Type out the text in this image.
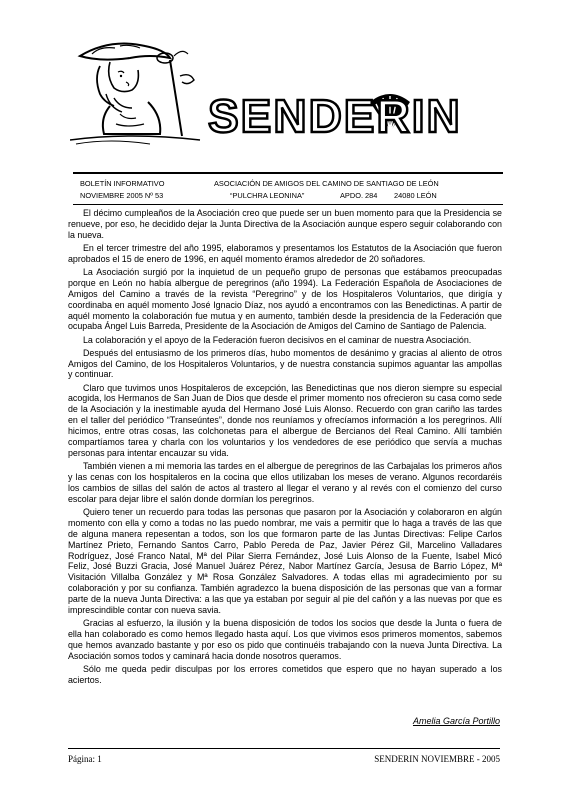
SENDERIN
BOLETÍN INFORMATIVO	ASOCIACIÓN DE AMIGOS DEL CAMINO DE SANTIAGO DE LEÓN
NOVIEMBRE 2005 Nº 53	“PULCHRA LEONINA”	APDO. 284 24080 LEÓN

El décimo cumpleaños de la Asociación creo que puede ser un buen momento para que la Presidencia se renueve, por eso, he decidido dejar la Junta Directiva de la Asociación aunque espero seguir colaborando con la nueva.

En el tercer trimestre del año 1995, elaboramos y presentamos los Estatutos de la Asociación que fueron aprobados el 15 de enero de 1996, en aquél momento éramos alrededor de 20 soñadores.

La Asociación surgió por la inquietud de un pequeño grupo de personas que estábamos preocupadas porque en León no había albergue de peregrinos (año 1994). La Federación Española de Asociaciones de Amigos del Camino a través de la revista “Peregrino” y de los Hospitaleros Voluntarios, que dirigía y coordinaba en aquél momento José Ignacio Díaz, nos ayudó a encontramos con las Benedictinas. A partir de aquél momento la colaboración fue mutua y en aumento, también desde la presidencia de la Federación que ocupaba Ángel Luis Barreda, Presidente de la Asociación de Amigos del Camino de Santiago de Palencia.

La colaboración y el apoyo de la Federación fueron decisivos en el caminar de nuestra Asociación.

Después del entusiasmo de los primeros días, hubo momentos de desánimo y gracias al aliento de otros Amigos del Camino, de los Hospitaleros Voluntarios, y de nuestra constancia supimos aguantar las ampollas y continuar.

Claro que tuvimos unos Hospitaleros de excepción, las Benedictinas que nos dieron siempre su especial acogida, los Hermanos de San Juan de Dios que desde el primer momento nos ofrecieron su casa como sede de la Asociación y la inestimable ayuda del Hermano José Luis Alonso. Recuerdo con gran cariño las tardes en el taller del periódico “Transeúntes”, donde nos reuníamos y ofrecíamos información a los peregrinos. Allí hicimos, entre otras cosas, las colchonetas para el albergue de Bercianos del Real Camino. Allí también compartíamos tarea y charla con los voluntarios y los vendedores de ese periódico que servía a muchas personas para intentar encauzar su vida.

También vienen a mi memoria las tardes en el albergue de peregrinos de las Carbajalas los primeros años y las cenas con los hospitaleros en la cocina que ellos utilizaban los meses de verano. Algunos recordaréis los cambios de sillas del salón de actos al trastero al llegar el verano y al revés con el comienzo del curso escolar para dejar libre el salón donde dormían los peregrinos.

Quiero tener un recuerdo para todas las personas que pasaron por la Asociación y colaboraron en algún momento con ella y como a todas no las puedo nombrar, me vais a permitir que lo haga a través de las que de alguna manera repesentan a todos, son los que formaron parte de las Juntas Directivas: Felipe Carlos Martínez Prieto, Fernando Santos Carro, Pablo Pereda de Paz, Javier Pérez Gil, Marcelino Valladares Rodríguez, José Franco Natal, Mª del Pilar Sierra Fernández, José Luis Alonso de la Fuente, Isabel Micó Feliz, José Buzzi Gracia, José Manuel Juárez Pérez, Nabor Martínez García, Jesusa de Barrio López, Mª Visitación Villalba González y Mª Rosa González Salvadores. A todas ellas mi agradecimiento por su colaboración y por su confianza. También agradezco la buena disposición de las personas que van a formar parte de la nueva Junta Directiva: a las que ya estaban por seguir al pie del cañón y a las nuevas por que es imprescindible contar con nueva savia.

Gracias al esfuerzo, la ilusión y la buena disposición de todos los socios que desde la Junta o fuera de ella han colaborado es como hemos llegado hasta aquí. Los que vivimos esos primeros momentos, sabemos que hemos avanzado bastante y por eso os pido que continuéis trabajando con la nueva Junta Directiva. La Asociación somos todos y caminará hacia donde nosotros queramos.

Sólo me queda pedir disculpas por los errores cometidos que espero que no hayan superado a los aciertos.

Amelia García Portillo
Página: 1	SENDERIN NOVIEMBRE - 2005
